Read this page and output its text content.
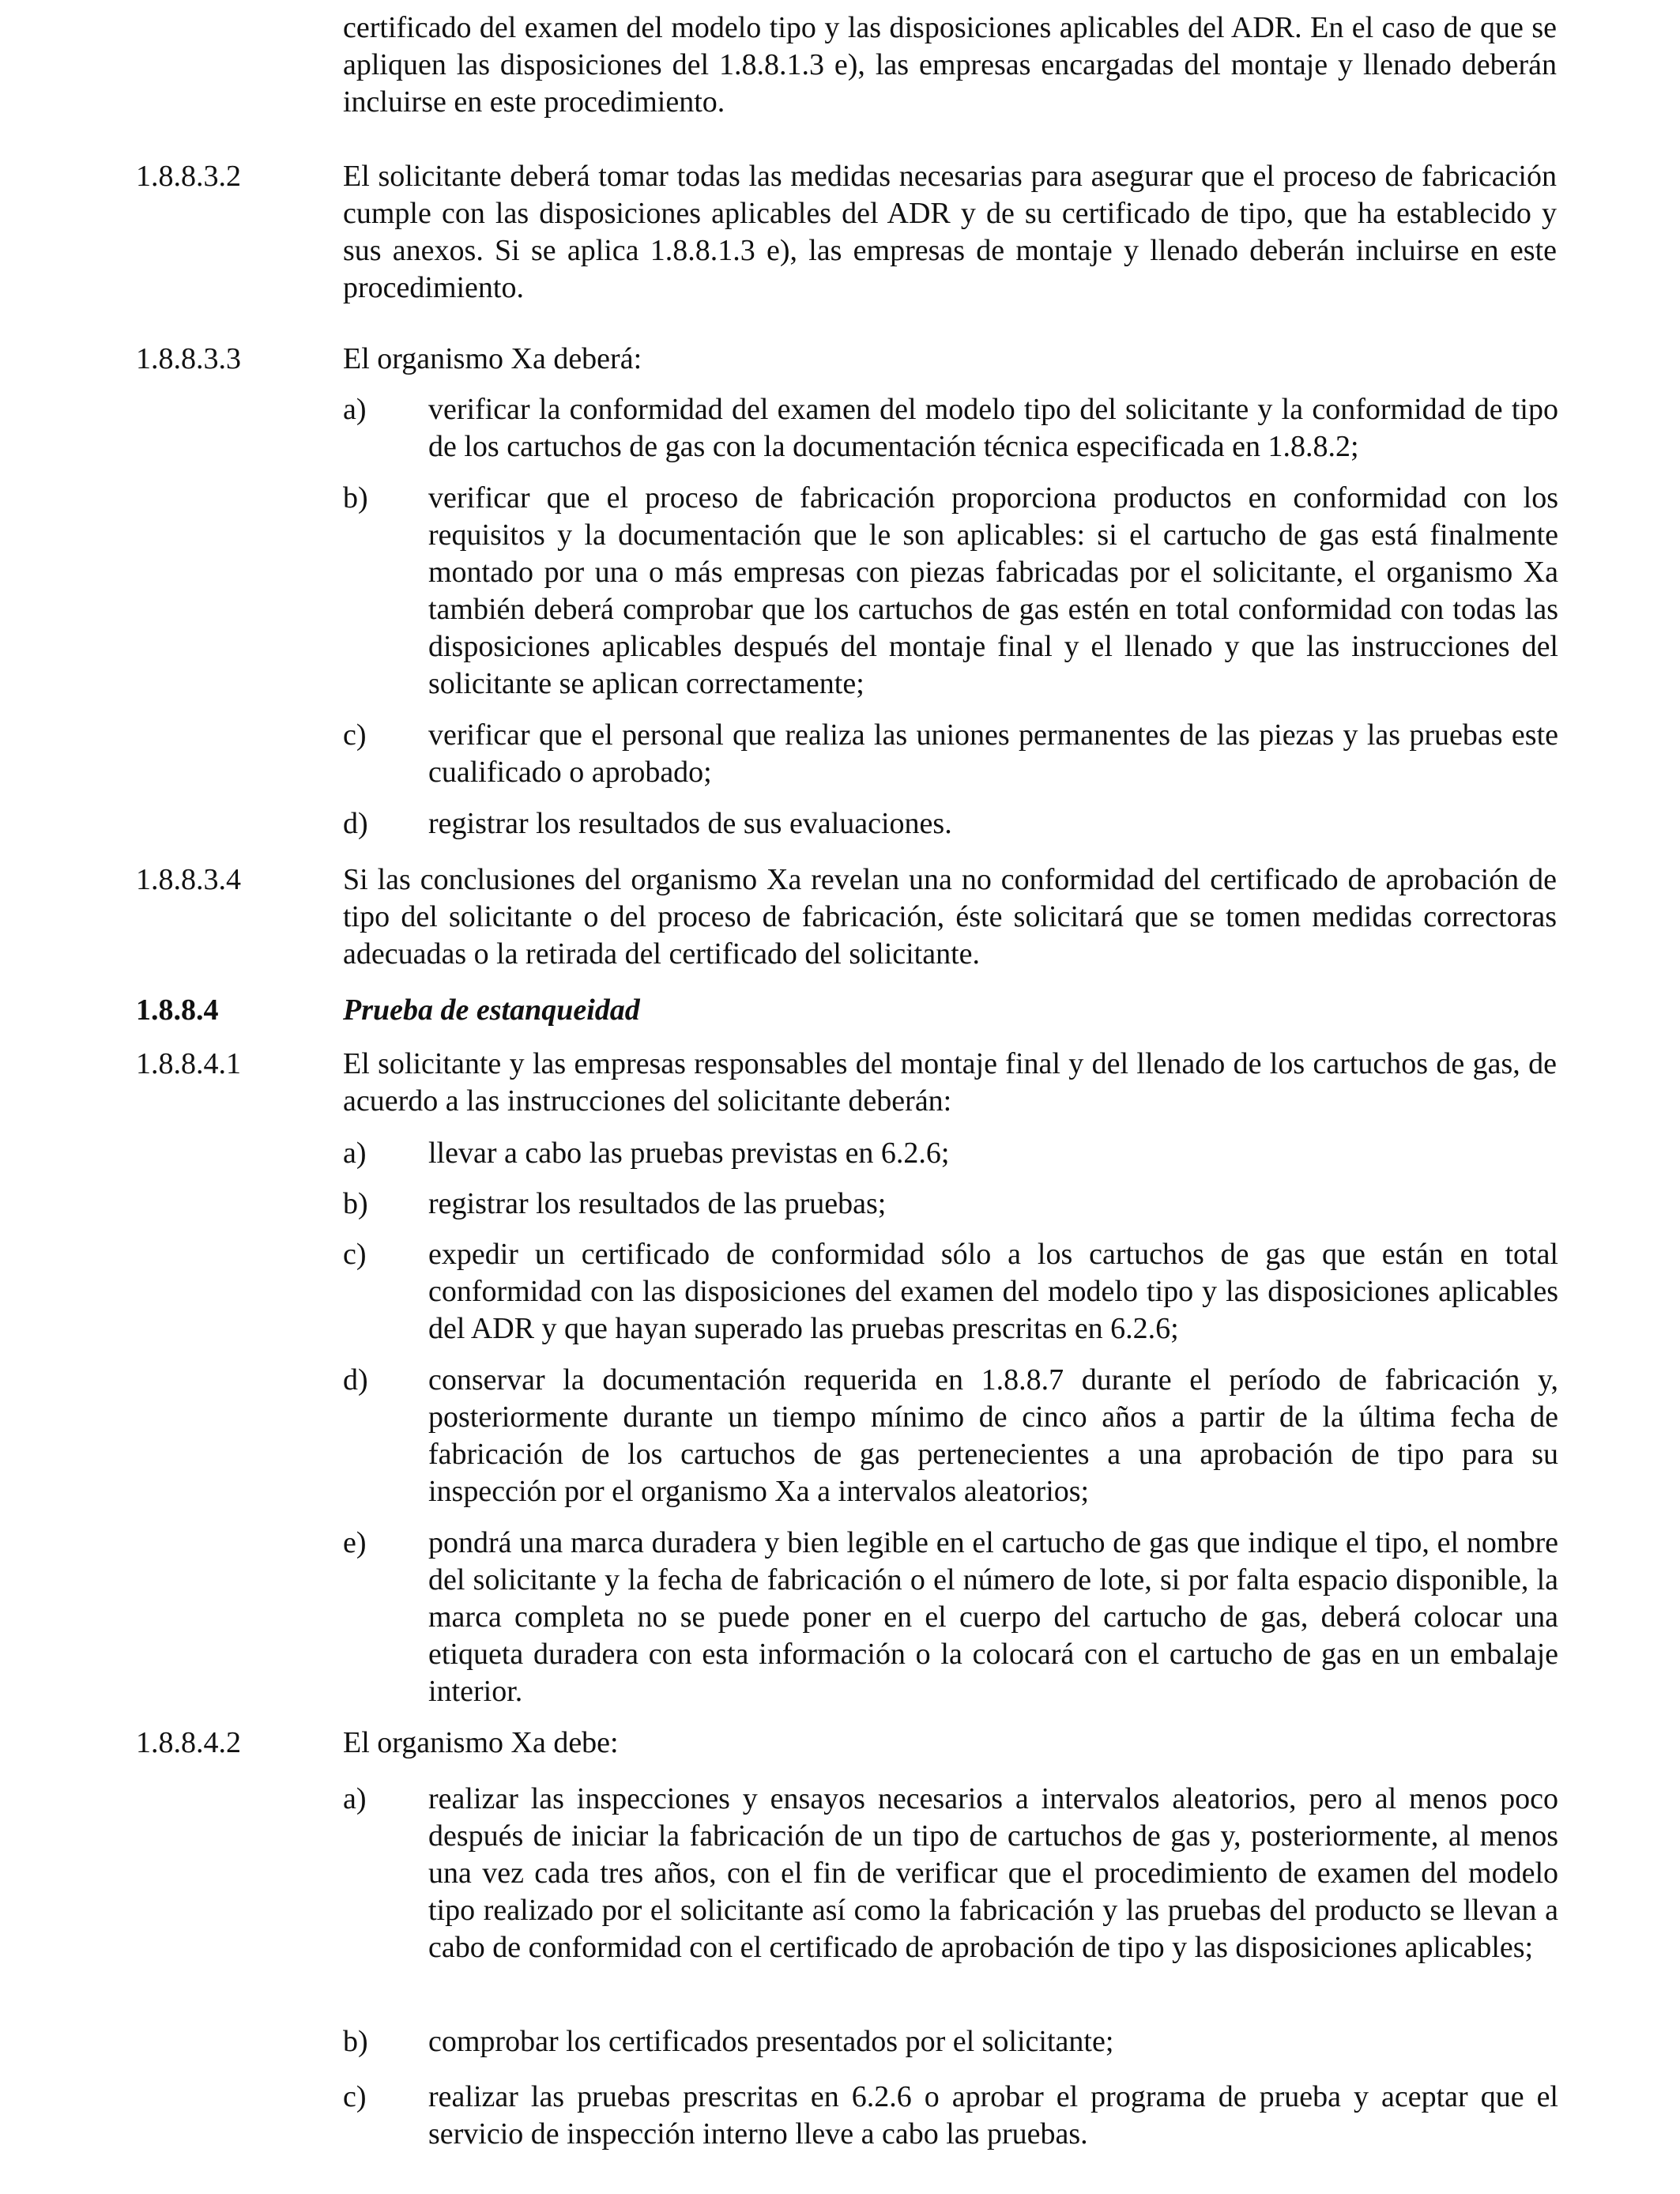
certificado del examen del modelo tipo y las disposiciones aplicables del ADR. En el caso de que se apliquen las disposiciones del 1.8.8.1.3 e), las empresas encargadas del montaje y llenado deberán incluirse en este procedimiento.
1.8.8.3.2	El solicitante deberá tomar todas las medidas necesarias para asegurar que el proceso de fabricación cumple con las disposiciones aplicables del ADR y de su certificado de tipo, que ha establecido y sus anexos. Si se aplica 1.8.8.1.3 e), las empresas de montaje y llenado deberán incluirse en este procedimiento.
1.8.8.3.3	El organismo Xa deberá:
a) verificar la conformidad del examen del modelo tipo del solicitante y la conformidad de tipo de los cartuchos de gas con la documentación técnica especificada en 1.8.8.2;
b) verificar que el proceso de fabricación proporciona productos en conformidad con los requisitos y la documentación que le son aplicables: si el cartucho de gas está finalmente montado por una o más empresas con piezas fabricadas por el solicitante, el organismo Xa también deberá comprobar que los cartuchos de gas estén en total conformidad con todas las disposiciones aplicables después del montaje final y el llenado y que las instrucciones del solicitante se aplican correctamente;
c) verificar que el personal que realiza las uniones permanentes de las piezas y las pruebas este cualificado o aprobado;
d) registrar los resultados de sus evaluaciones.
1.8.8.3.4	Si las conclusiones del organismo Xa revelan una no conformidad del certificado de aprobación de tipo del solicitante o del proceso de fabricación, éste solicitará que se tomen medidas correctoras adecuadas o la retirada del certificado del solicitante.
1.8.8.4	Prueba de estanqueidad
1.8.8.4.1	El solicitante y las empresas responsables del montaje final y del llenado de los cartuchos de gas, de acuerdo a las instrucciones del solicitante deberán:
a) llevar a cabo las pruebas previstas en 6.2.6;
b) registrar los resultados de las pruebas;
c) expedir un certificado de conformidad sólo a los cartuchos de gas que están en total conformidad con las disposiciones del examen del modelo tipo y las disposiciones aplicables del ADR y que hayan superado las pruebas prescritas en 6.2.6;
d) conservar la documentación requerida en 1.8.8.7 durante el período de fabricación y, posteriormente durante un tiempo mínimo de cinco años a partir de la última fecha de fabricación de los cartuchos de gas pertenecientes a una aprobación de tipo para su inspección por el organismo Xa a intervalos aleatorios;
e) pondrá una marca duradera y bien legible en el cartucho de gas que indique el tipo, el nombre del solicitante y la fecha de fabricación o el número de lote, si por falta espacio disponible, la marca completa no se puede poner en el cuerpo del cartucho de gas, deberá colocar una etiqueta duradera con esta información o la colocará con el cartucho de gas en un embalaje interior.
1.8.8.4.2	El organismo Xa debe:
a) realizar las inspecciones y ensayos necesarios a intervalos aleatorios, pero al menos poco después de iniciar la fabricación de un tipo de cartuchos de gas y, posteriormente, al menos una vez cada tres años, con el fin de verificar que el procedimiento de examen del modelo tipo realizado por el solicitante así como la fabricación y las pruebas del producto se llevan a cabo de conformidad con el certificado de aprobación de tipo y las disposiciones aplicables;
b) comprobar los certificados presentados por el solicitante;
c) realizar las pruebas prescritas en 6.2.6 o aprobar el programa de prueba y aceptar que el servicio de inspección interno lleve a cabo las pruebas.
